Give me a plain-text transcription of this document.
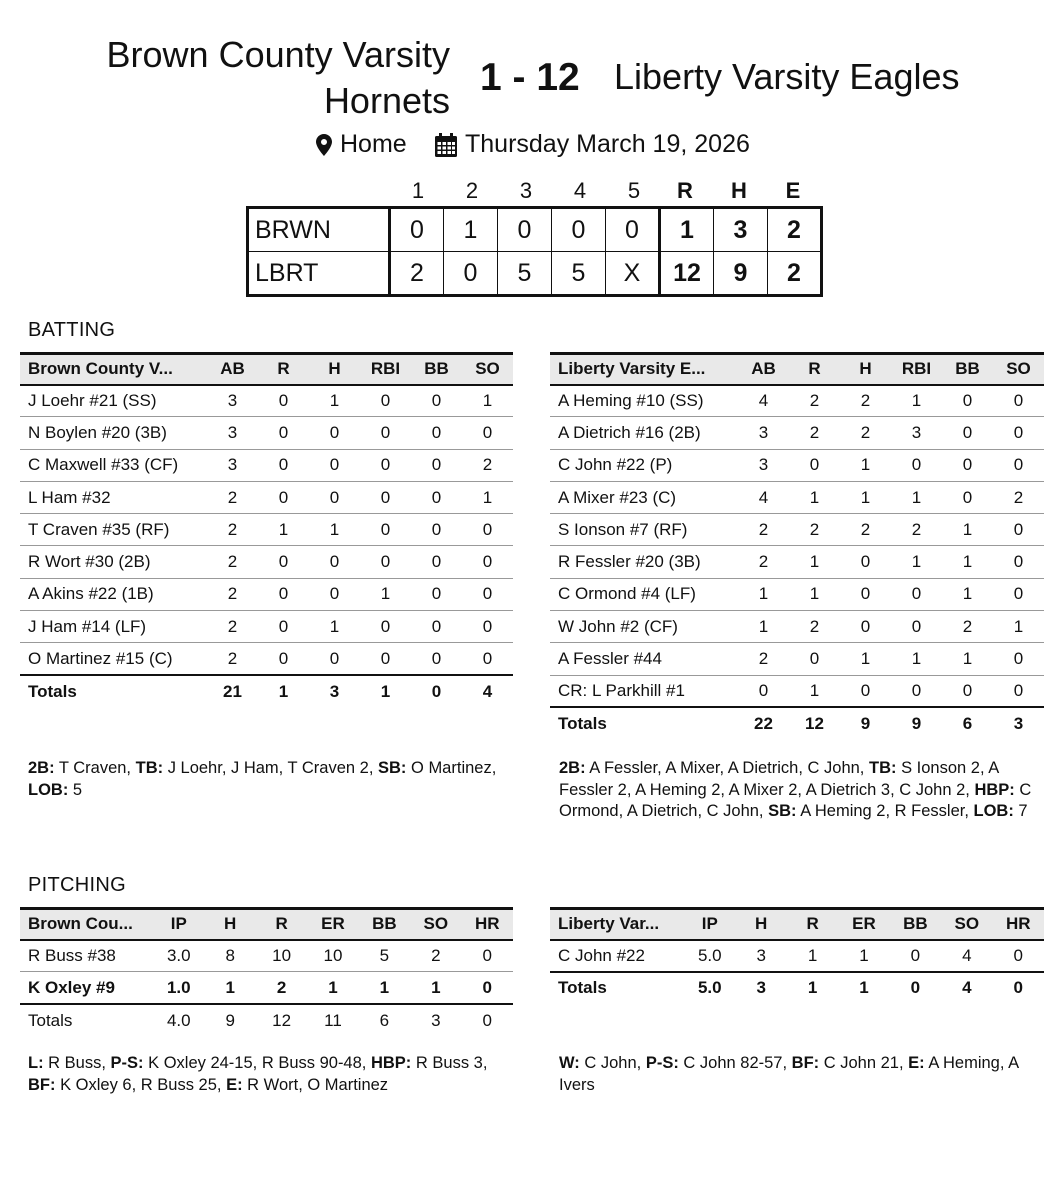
Brown County Varsity Hornets
1 - 12 Liberty Varsity Eagles
Home Thursday March 19, 2026
1	2	3	4	5	R	H	E
BRWN	0	1	0	0	0	1	3	2
LBRT	2	0	5	5	X	12	9	2
BATTING
Brown County V...	AB	R	H	RBI	BB	SO
J Loehr #21 (SS)	3	0	1	0	0	1
N Boylen #20 (3B)	3	0	0	0	0	0
C Maxwell #33 (CF)	3	0	0	0	0	2
L Ham #32	2	0	0	0	0	1
T Craven #35 (RF)	2	1	1	0	0	0
R Wort #30 (2B)	2	0	0	0	0	0
A Akins #22 (1B)	2	0	0	1	0	0
J Ham #14 (LF)	2	0	1	0	0	0
O Martinez #15 (C)	2	0	0	0	0	0
Totals	21	1	3	1	0	4
Liberty Varsity E...	AB	R	H	RBI	BB	SO
A Heming #10 (SS)	4	2	2	1	0	0
A Dietrich #16 (2B)	3	2	2	3	0	0
C John #22 (P)	3	0	1	0	0	0
A Mixer #23 (C)	4	1	1	1	0	2
S Ionson #7 (RF)	2	2	2	2	1	0
R Fessler #20 (3B)	2	1	0	1	1	0
C Ormond #4 (LF)	1	1	0	0	1	0
W John #2 (CF)	1	2	0	0	2	1
A Fessler #44	2	0	1	1	1	0
CR: L Parkhill #1	0	1	0	0	0	0
Totals	22	12	9	9	6	3
2B: T Craven, TB: J Loehr, J Ham, T Craven 2, SB: O Martinez, LOB: 5
2B: A Fessler, A Mixer, A Dietrich, C John, TB: S Ionson 2, A Fessler 2, A Heming 2, A Mixer 2, A Dietrich 3, C John 2, HBP: C Ormond, A Dietrich, C John, SB: A Heming 2, R Fessler, LOB: 7
PITCHING
Brown Cou...	IP	H	R	ER	BB	SO	HR
R Buss #38	3.0	8	10	10	5	2	0
K Oxley #9	1.0	1	2	1	1	1	0
Totals	4.0	9	12	11	6	3	0
Liberty Var...	IP	H	R	ER	BB	SO	HR
C John #22	5.0	3	1	1	0	4	0
Totals	5.0	3	1	1	0	4	0
L: R Buss, P-S: K Oxley 24-15, R Buss 90-48, HBP: R Buss 3, BF: K Oxley 6, R Buss 25, E: R Wort, O Martinez
W: C John, P-S: C John 82-57, BF: C John 21, E: A Heming, A Ivers
